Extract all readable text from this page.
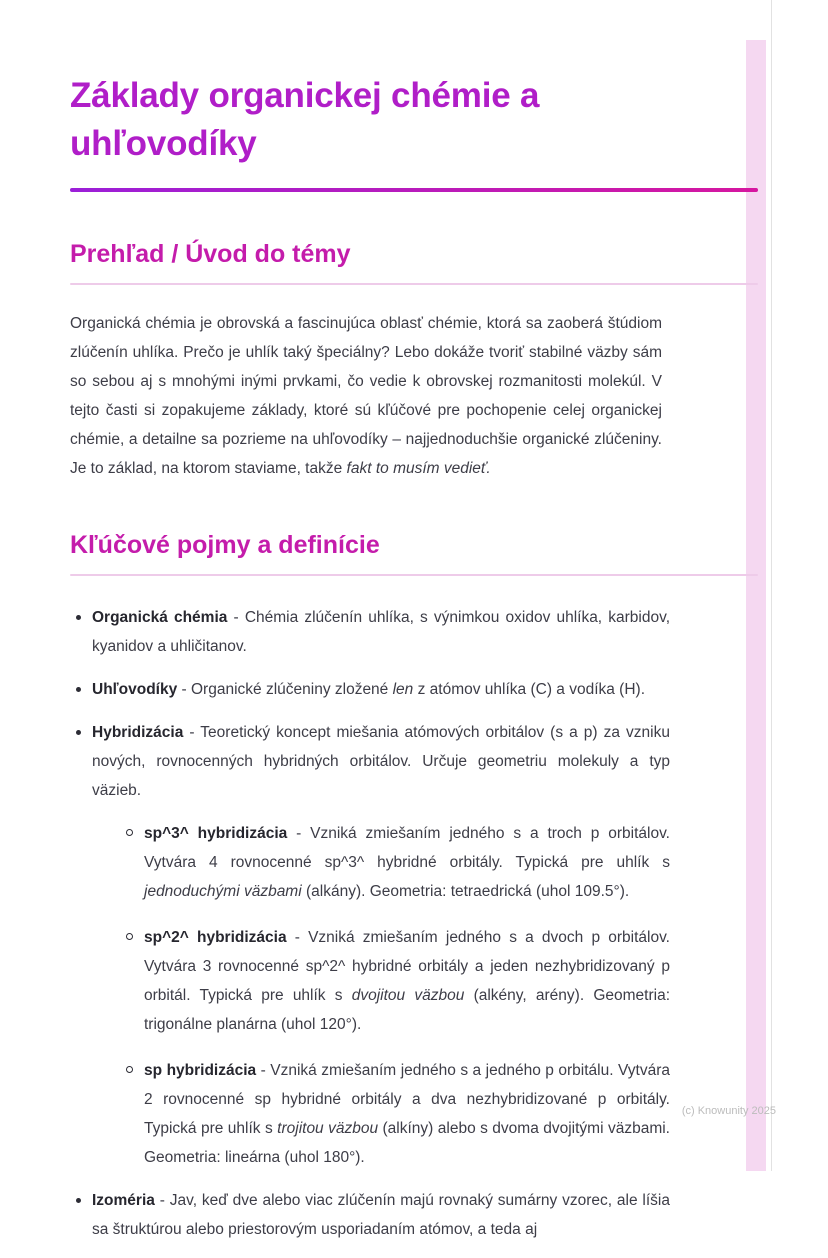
Základy organickej chémie a uhľovodíky
Prehľad / Úvod do témy

Organická chémia je obrovská a fascinujúca oblasť chémie, ktorá sa zaoberá štúdiom zlúčenín uhlíka. Prečo je uhlík taký špeciálny? Lebo dokáže tvoriť stabilné väzby sám so sebou aj s mnohými inými prvkami, čo vedie k obrovskej rozmanitosti molekúl. V tejto časti si zopakujeme základy, ktoré sú kľúčové pre pochopenie celej organickej chémie, a detailne sa pozrieme na uhľovodíky – najjednoduchšie organické zlúčeniny. Je to základ, na ktorom staviame, takže fakt to musím vedieť.

Kľúčové pojmy a definície
Organická chémia - Chémia zlúčenín uhlíka, s výnimkou oxidov uhlíka, karbidov, kyanidov a uhličitanov.
Uhľovodíky - Organické zlúčeniny zložené len z atómov uhlíka (C) a vodíka (H).
Hybridizácia - Teoretický koncept miešania atómových orbitálov (s a p) za vzniku nových, rovnocenných hybridných orbitálov. Určuje geometriu molekuly a typ väzieb.
sp^3^ hybridizácia - Vzniká zmiešaním jedného s a troch p orbitálov. Vytvára 4 rovnocenné sp^3^ hybridné orbitály. Typická pre uhlík s jednoduchými väzbami (alkány). Geometria: tetraedrická (uhol 109.5°).
sp^2^ hybridizácia - Vzniká zmiešaním jedného s a dvoch p orbitálov. Vytvára 3 rovnocenné sp^2^ hybridné orbitály a jeden nezhybridizovaný p orbitál. Typická pre uhlík s dvojitou väzbou (alkény, arény). Geometria: trigonálne planárna (uhol 120°).
sp hybridizácia - Vzniká zmiešaním jedného s a jedného p orbitálu. Vytvára 2 rovnocenné sp hybridné orbitály a dva nezhybridizované p orbitály. Typická pre uhlík s trojitou väzbou (alkíny) alebo s dvoma dvojitými väzbami. Geometria: lineárna (uhol 180°).
Izoméria - Jav, keď dve alebo viac zlúčenín majú rovnaký sumárny vzorec, ale líšia sa štruktúrou alebo priestorovým usporiadaním atómov, a teda aj
(c) Knowunity 2025
